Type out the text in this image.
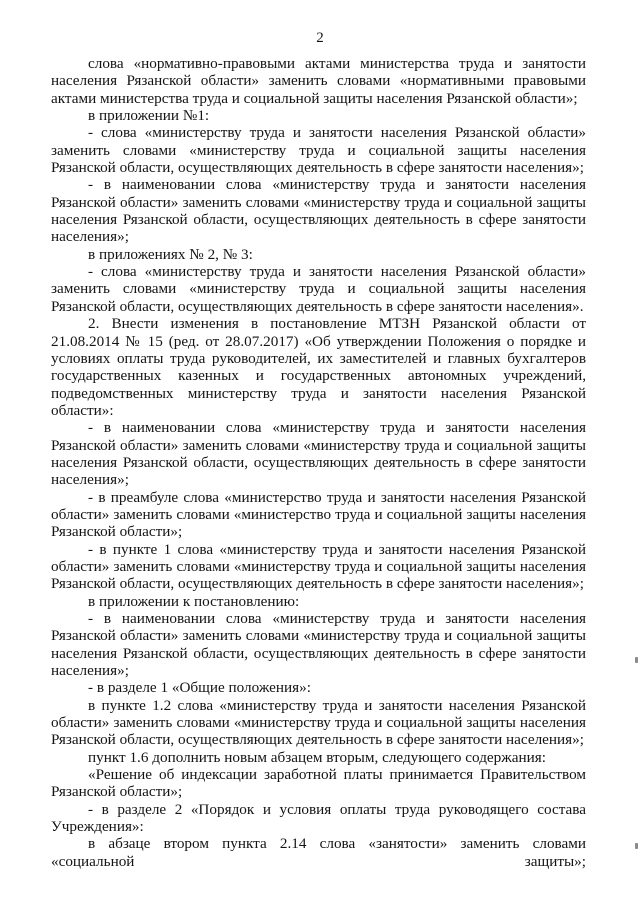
2

слова «нормативно-правовыми актами министерства труда и занятости населения Рязанской области» заменить словами «нормативными правовыми актами министерства труда и социальной защиты населения Рязанской области»;

в приложении №1:

- слова «министерству труда и занятости населения Рязанской области» заменить словами «министерству труда и социальной защиты населения Рязанской области, осуществляющих деятельность в сфере занятости населения»;

- в наименовании слова «министерству труда и занятости населения Рязанской области» заменить словами «министерству труда и социальной защиты населения Рязанской области, осуществляющих деятельность в сфере занятости населения»;

в приложениях № 2, № 3:

- слова «министерству труда и занятости населения Рязанской области» заменить словами «министерству труда и социальной защиты населения Рязанской области, осуществляющих деятельность в сфере занятости населения».

2. Внести изменения в постановление МТЗН Рязанской области от 21.08.2014 № 15 (ред. от 28.07.2017) «Об утверждении Положения о порядке и условиях оплаты труда руководителей, их заместителей и главных бухгалтеров государственных казенных и государственных автономных учреждений, подведомственных министерству труда и занятости населения Рязанской области»:

- в наименовании слова «министерству труда и занятости населения Рязанской области» заменить словами «министерству труда и социальной защиты населения Рязанской области, осуществляющих деятельность в сфере занятости населения»;

- в преамбуле слова «министерство труда и занятости населения Рязанской области» заменить словами «министерство труда и социальной защиты населения Рязанской области»;

- в пункте 1 слова «министерству труда и занятости населения Рязанской области» заменить словами «министерству труда и социальной защиты населения Рязанской области, осуществляющих деятельность в сфере занятости населения»;

в приложении к постановлению:

- в наименовании слова «министерству труда и занятости населения Рязанской области» заменить словами «министерству труда и социальной защиты населения Рязанской области, осуществляющих деятельность в сфере занятости населения»;

- в разделе 1 «Общие положения»:

в пункте 1.2 слова «министерству труда и занятости населения Рязанской области» заменить словами «министерству труда и социальной защиты населения Рязанской области, осуществляющих деятельность в сфере занятости населения»;

пункт 1.6 дополнить новым абзацем вторым, следующего содержания:

«Решение об индексации заработной платы принимается Правительством Рязанской области»;

- в разделе 2 «Порядок и условия оплаты труда руководящего состава Учреждения»:

в абзаце втором пункта 2.14 слова «занятости» заменить словами «социальной защиты»;
